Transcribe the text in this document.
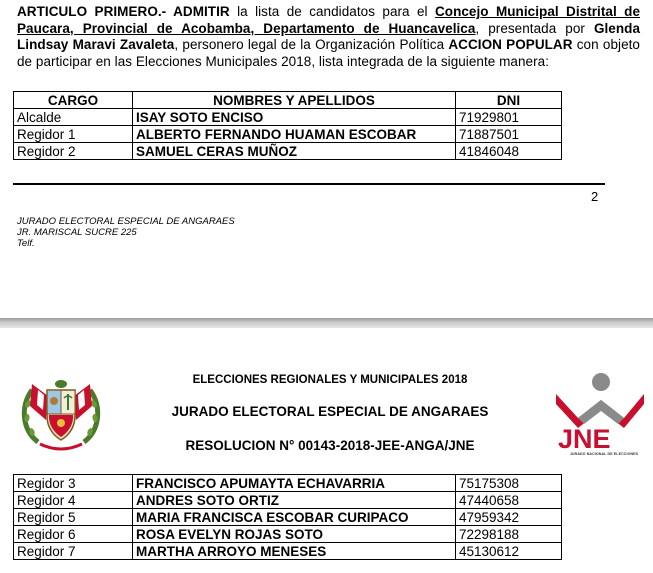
ARTICULO PRIMERO.- ADMITIR la lista de candidatos para el Concejo Municipal Distrital de Paucara, Provincial de Acobamba, Departamento de Huancavelica, presentada por Glenda Lindsay Maravi Zavaleta, personero legal de la Organización Política ACCION POPULAR con objeto de participar en las Elecciones Municipales 2018, lista integrada de la siguiente manera:
CARGO	NOMBRES Y APELLIDOS	DNI
Alcalde	ISAY SOTO ENCISO	71929801
Regidor 1	ALBERTO FERNANDO HUAMAN ESCOBAR	71887501
Regidor 2	SAMUEL CERAS MUÑOZ	41846048
2
JURADO ELECTORAL ESPECIAL DE ANGARAES
JR. MARISCAL SUCRE 225
Telf.
ELECCIONES REGIONALES Y MUNICIPALES 2018
JURADO ELECTORAL ESPECIAL DE ANGARAES
RESOLUCION N° 00143-2018-JEE-ANGA/JNE	JNE
JURADO NACIONAL DE ELECCIONES
Regidor 3	FRANCISCO APUMAYTA ECHAVARRIA	75175308
Regidor 4	ANDRES SOTO ORTIZ	47440658
Regidor 5	MARIA FRANCISCA ESCOBAR CURIPACO	47959342
Regidor 6	ROSA EVELYN ROJAS SOTO	72298188
Regidor 7	MARTHA ARROYO MENESES	45130612
